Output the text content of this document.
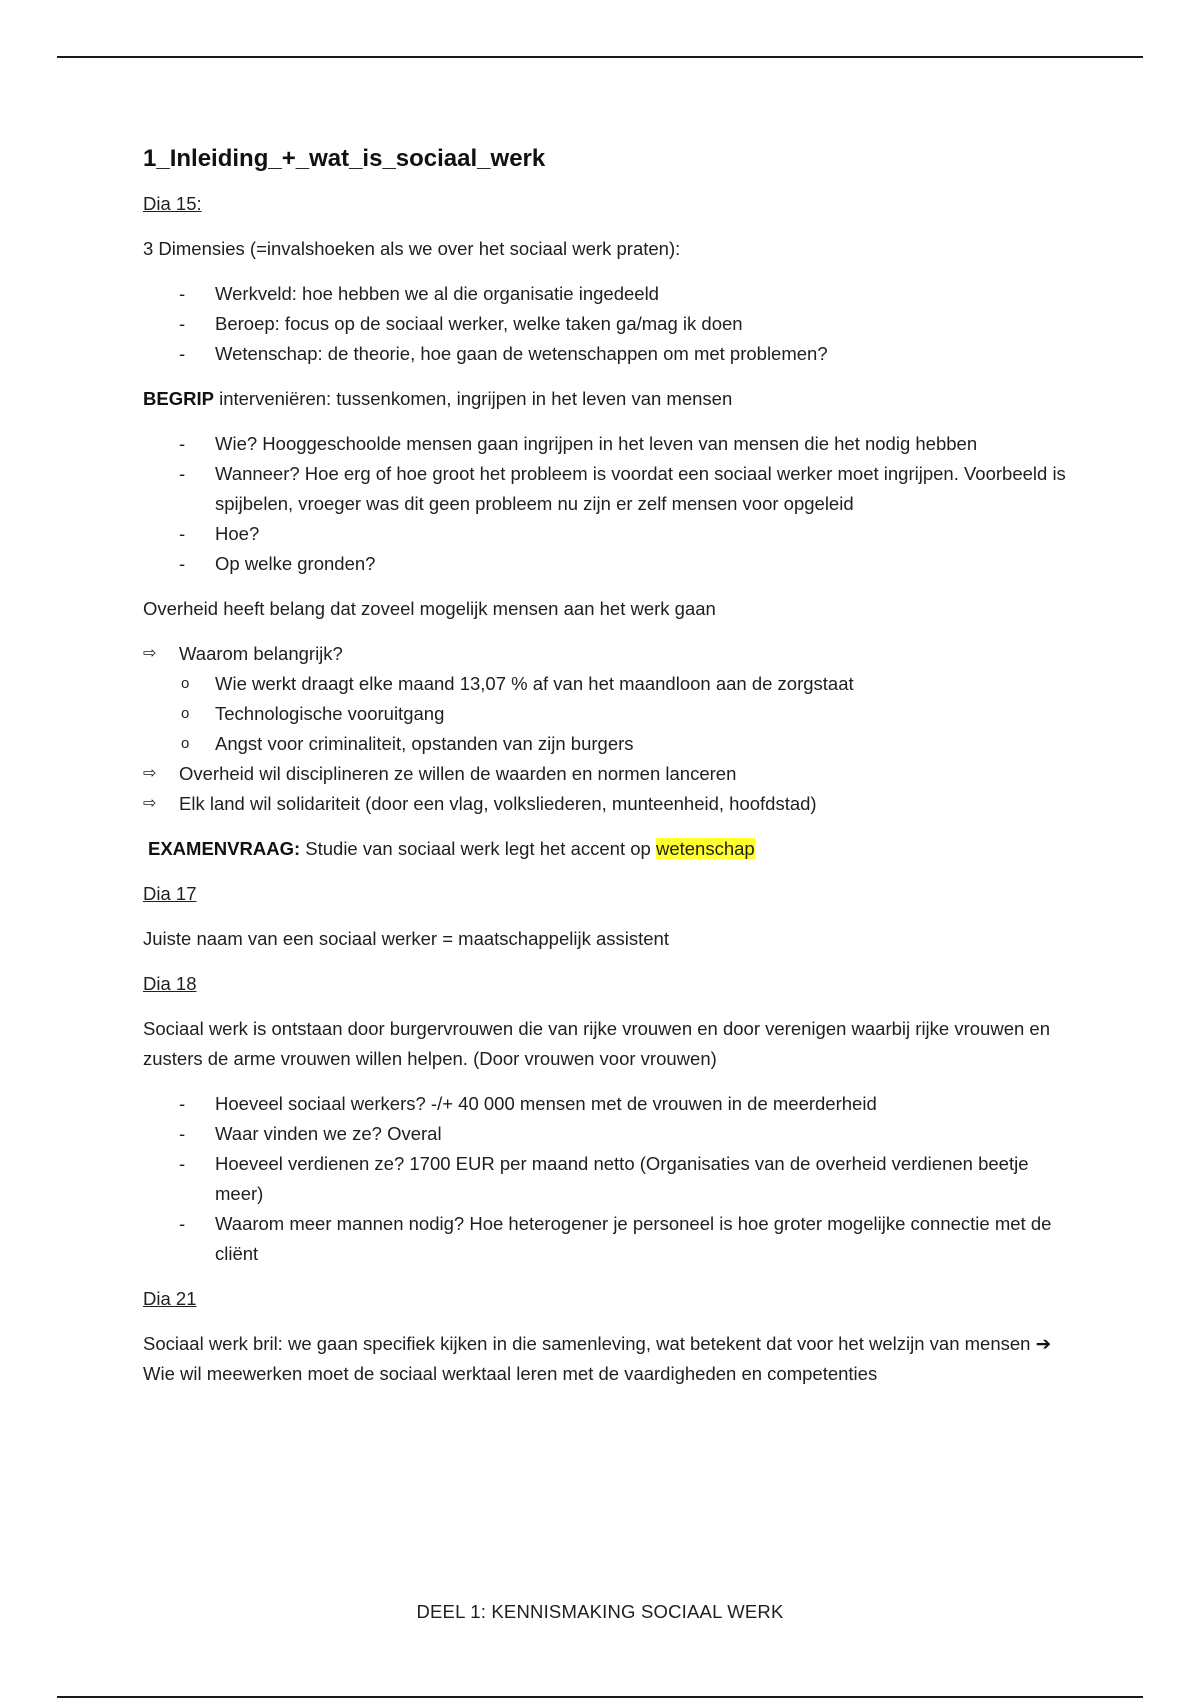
1_Inleiding_+_wat_is_sociaal_werk
Dia 15:

3 Dimensies (=invalshoeken als we over het sociaal werk praten):

- Werkveld: hoe hebben we al die organisatie ingedeeld
- Beroep: focus op de sociaal werker, welke taken ga/mag ik doen
- Wetenschap: de theorie, hoe gaan de wetenschappen om met problemen?

BEGRIP interveniëren: tussenkomen, ingrijpen in het leven van mensen

- Wie? Hooggeschoolde mensen gaan ingrijpen in het leven van mensen die het nodig hebben
- Wanneer? Hoe erg of hoe groot het probleem is voordat een sociaal werker moet ingrijpen. Voorbeeld is spijbelen, vroeger was dit geen probleem nu zijn er zelf mensen voor opgeleid
- Hoe?
- Op welke gronden?

Overheid heeft belang dat zoveel mogelijk mensen aan het werk gaan

⇨ Waarom belangrijk?
o Wie werkt draagt elke maand 13,07 % af van het maandloon aan de zorgstaat
o Technologische vooruitgang
o Angst voor criminaliteit, opstanden van zijn burgers
⇨ Overheid wil disciplineren ze willen de waarden en normen lanceren
⇨ Elk land wil solidariteit (door een vlag, volksliederen, munteenheid, hoofdstad)

EXAMENVRAAG: Studie van sociaal werk legt het accent op wetenschap

Dia 17

Juiste naam van een sociaal werker = maatschappelijk assistent

Dia 18

Sociaal werk is ontstaan door burgervrouwen die van rijke vrouwen en door verenigen waarbij rijke vrouwen en zusters de arme vrouwen willen helpen. (Door vrouwen voor vrouwen)

- Hoeveel sociaal werkers? -/+ 40 000 mensen met de vrouwen in de meerderheid
- Waar vinden we ze? Overal
- Hoeveel verdienen ze? 1700 EUR per maand netto (Organisaties van de overheid verdienen beetje meer)
- Waarom meer mannen nodig? Hoe heterogener je personeel is hoe groter mogelijke connectie met de cliënt
Dia 21

Sociaal werk bril: we gaan specifiek kijken in die samenleving, wat betekent dat voor het welzijn van mensen ➔ Wie wil meewerken moet de sociaal werktaal leren met de vaardigheden en competenties

DEEL 1: KENNISMAKING SOCIAAL WERK
